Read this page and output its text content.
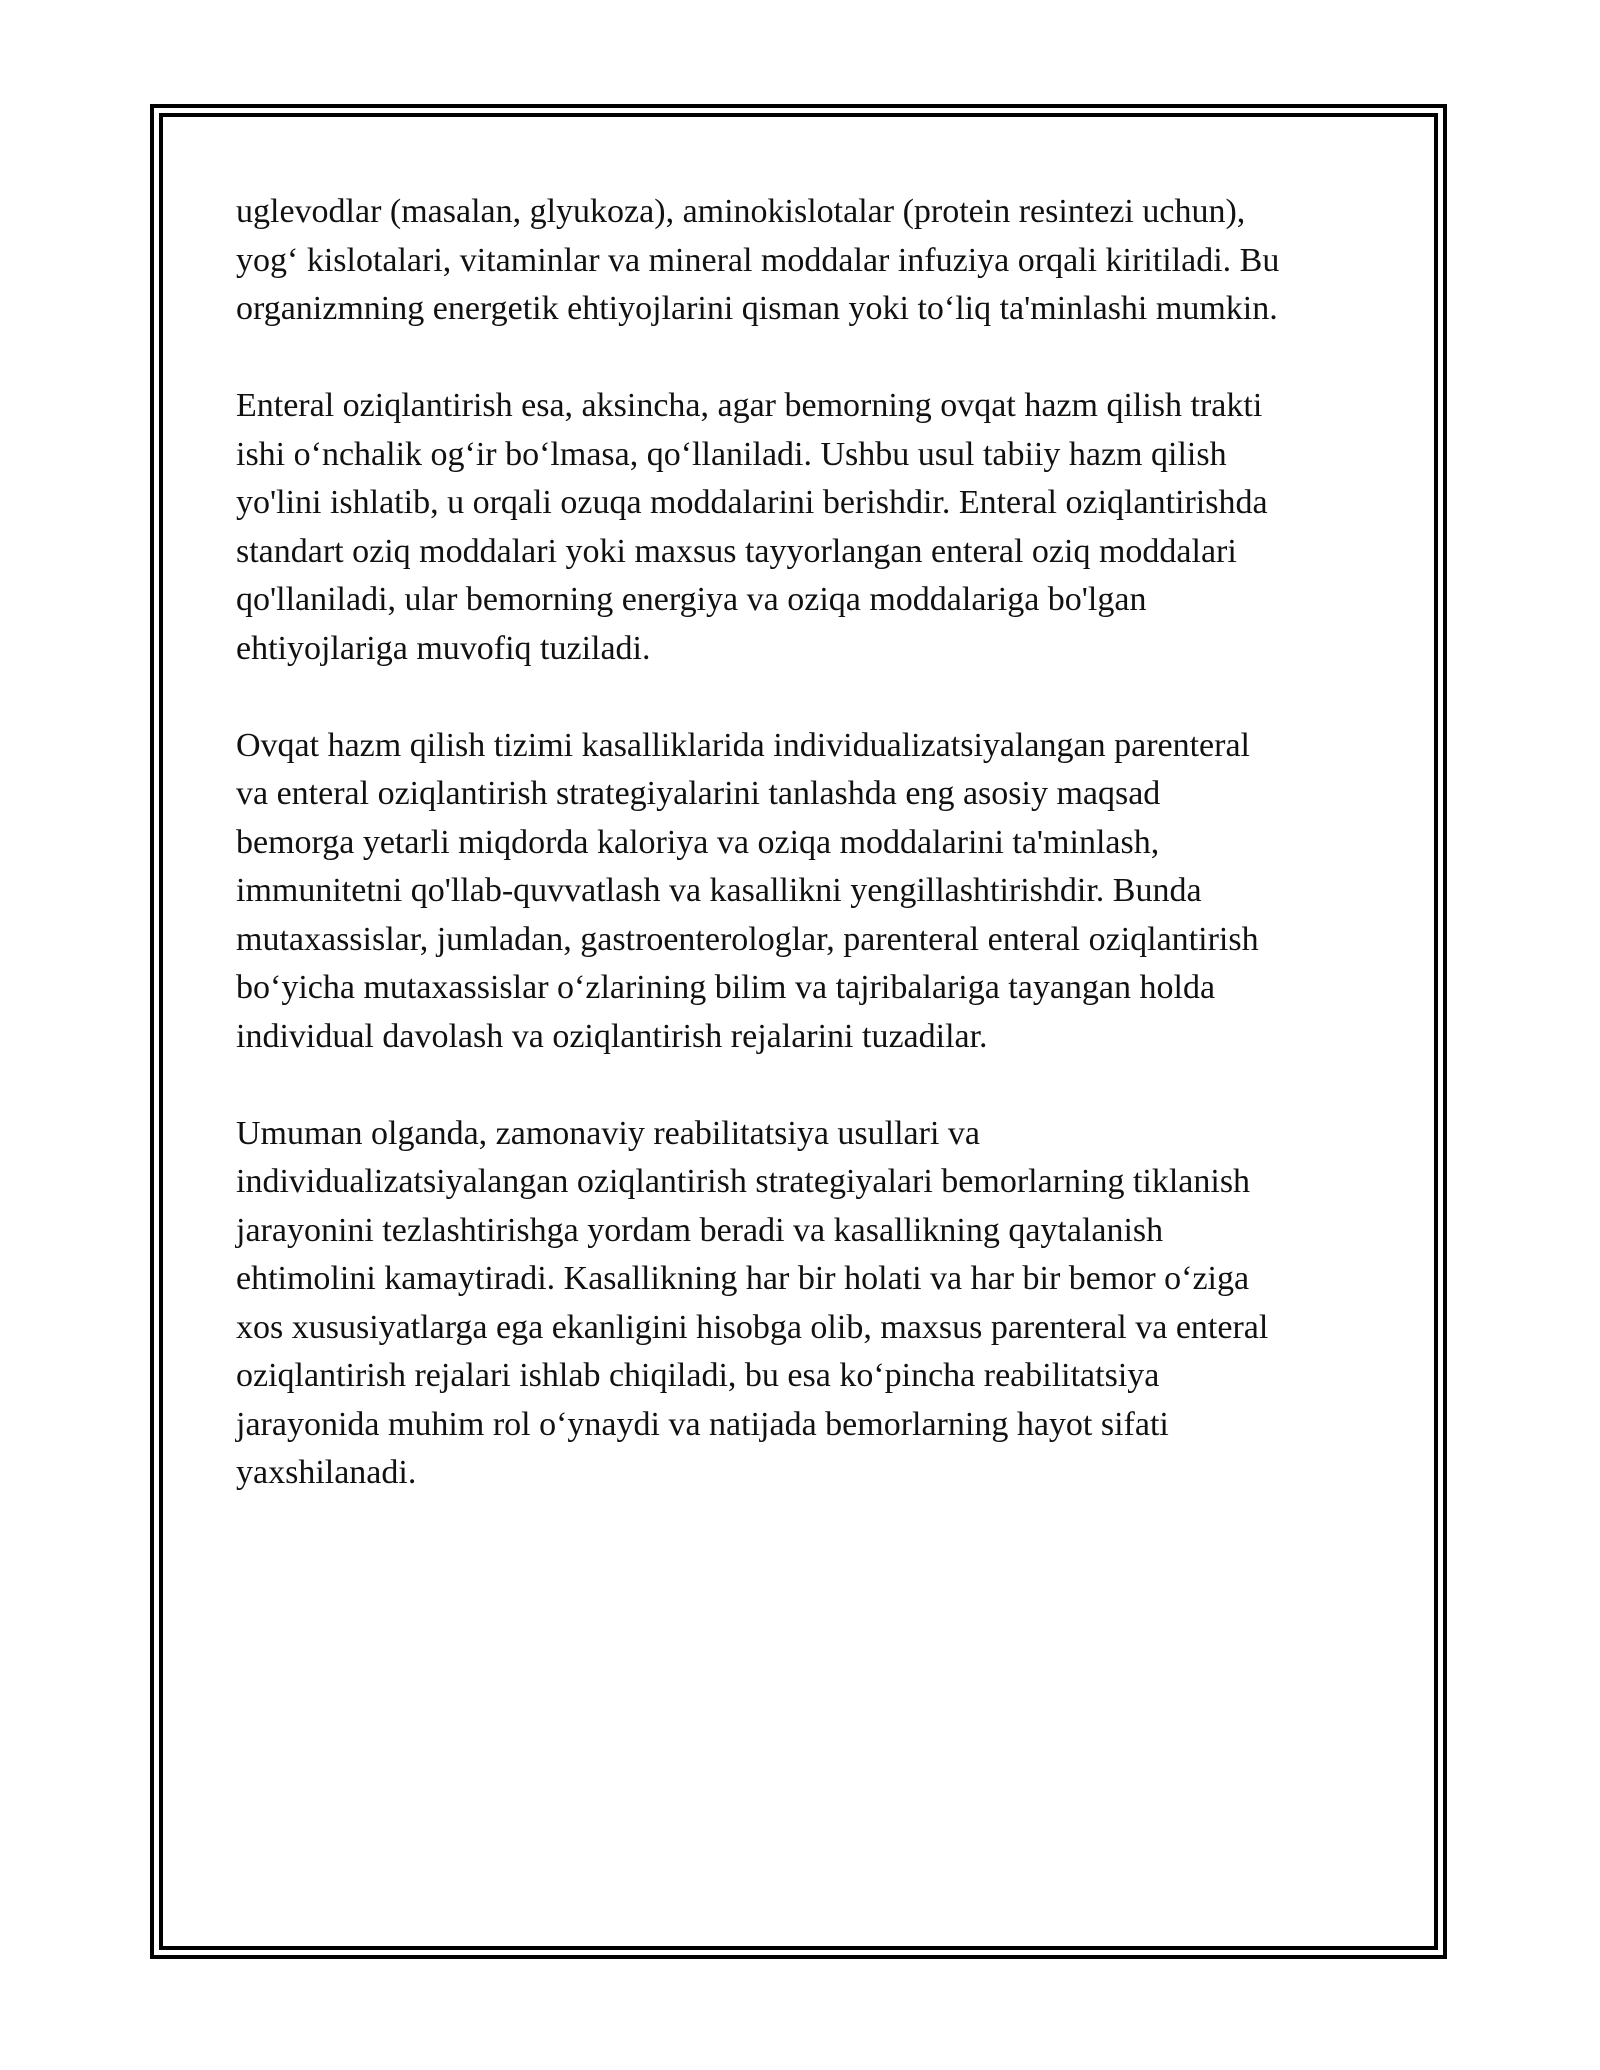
uglevodlar (masalan, glyukoza), aminokislotalar (protein resintezi uchun),
yog‘ kislotalari, vitaminlar va mineral moddalar infuziya orqali kiritiladi. Bu
organizmning energetik ehtiyojlarini qisman yoki to‘liq ta'minlashi mumkin.

Enteral oziqlantirish esa, aksincha, agar bemorning ovqat hazm qilish trakti
ishi o‘nchalik og‘ir bo‘lmasa, qo‘llaniladi. Ushbu usul tabiiy hazm qilish
yo'lini ishlatib, u orqali ozuqa moddalarini berishdir. Enteral oziqlantirishda
standart oziq moddalari yoki maxsus tayyorlangan enteral oziq moddalari
qo'llaniladi, ular bemorning energiya va oziqa moddalariga bo'lgan
ehtiyojlariga muvofiq tuziladi.

Ovqat hazm qilish tizimi kasalliklarida individualizatsiyalangan parenteral
va enteral oziqlantirish strategiyalarini tanlashda eng asosiy maqsad
bemorga yetarli miqdorda kaloriya va oziqa moddalarini ta'minlash,
immunitetni qo'llab-quvvatlash va kasallikni yengillashtirishdir. Bunda
mutaxassislar, jumladan, gastroenterologlar, parenteral enteral oziqlantirish
bo‘yicha mutaxassislar o‘zlarining bilim va tajribalariga tayangan holda
individual davolash va oziqlantirish rejalarini tuzadilar.

Umuman olganda, zamonaviy reabilitatsiya usullari va
individualizatsiyalangan oziqlantirish strategiyalari bemorlarning tiklanish
jarayonini tezlashtirishga yordam beradi va kasallikning qaytalanish
ehtimolini kamaytiradi. Kasallikning har bir holati va har bir bemor o‘ziga
xos xususiyatlarga ega ekanligini hisobga olib, maxsus parenteral va enteral
oziqlantirish rejalari ishlab chiqiladi, bu esa ko‘pincha reabilitatsiya
jarayonida muhim rol o‘ynaydi va natijada bemorlarning hayot sifati
yaxshilanadi.
